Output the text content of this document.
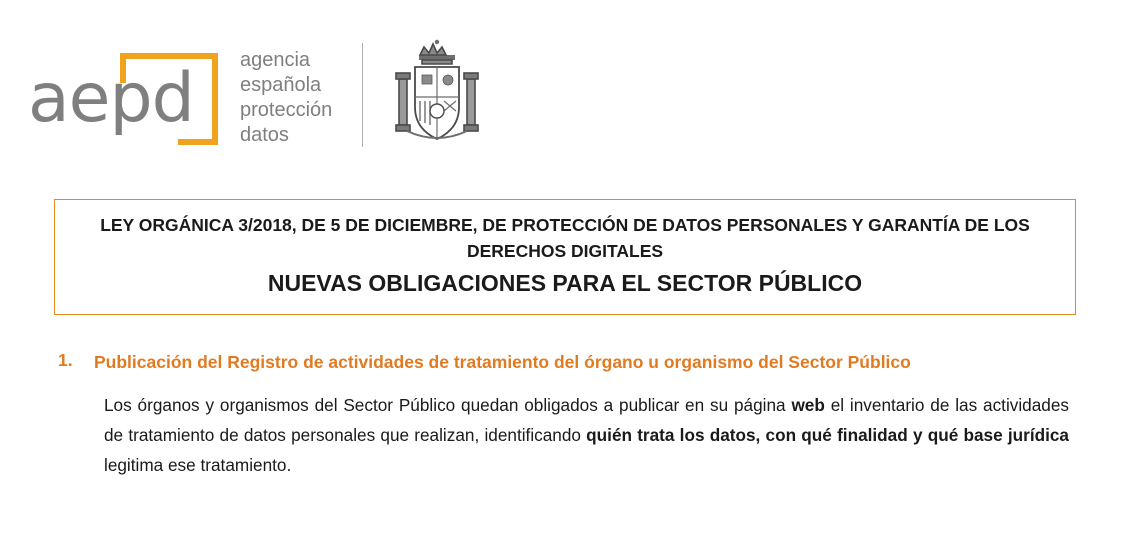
aepd agencia
española
protección
datos
LEY ORGÁNICA 3/2018, DE 5 DE DICIEMBRE, DE PROTECCIÓN DE DATOS PERSONALES Y GARANTÍA DE LOS DERECHOS DIGITALES
NUEVAS OBLIGACIONES PARA EL SECTOR PÚBLICO
1.	Publicación del Registro de actividades de tratamiento del órgano u organismo del Sector Público

Los órganos y organismos del Sector Público quedan obligados a publicar en su página web el inventario de las actividades de tratamiento de datos personales que realizan, identificando quién trata los datos, con qué finalidad y qué base jurídica legitima ese tratamiento.
